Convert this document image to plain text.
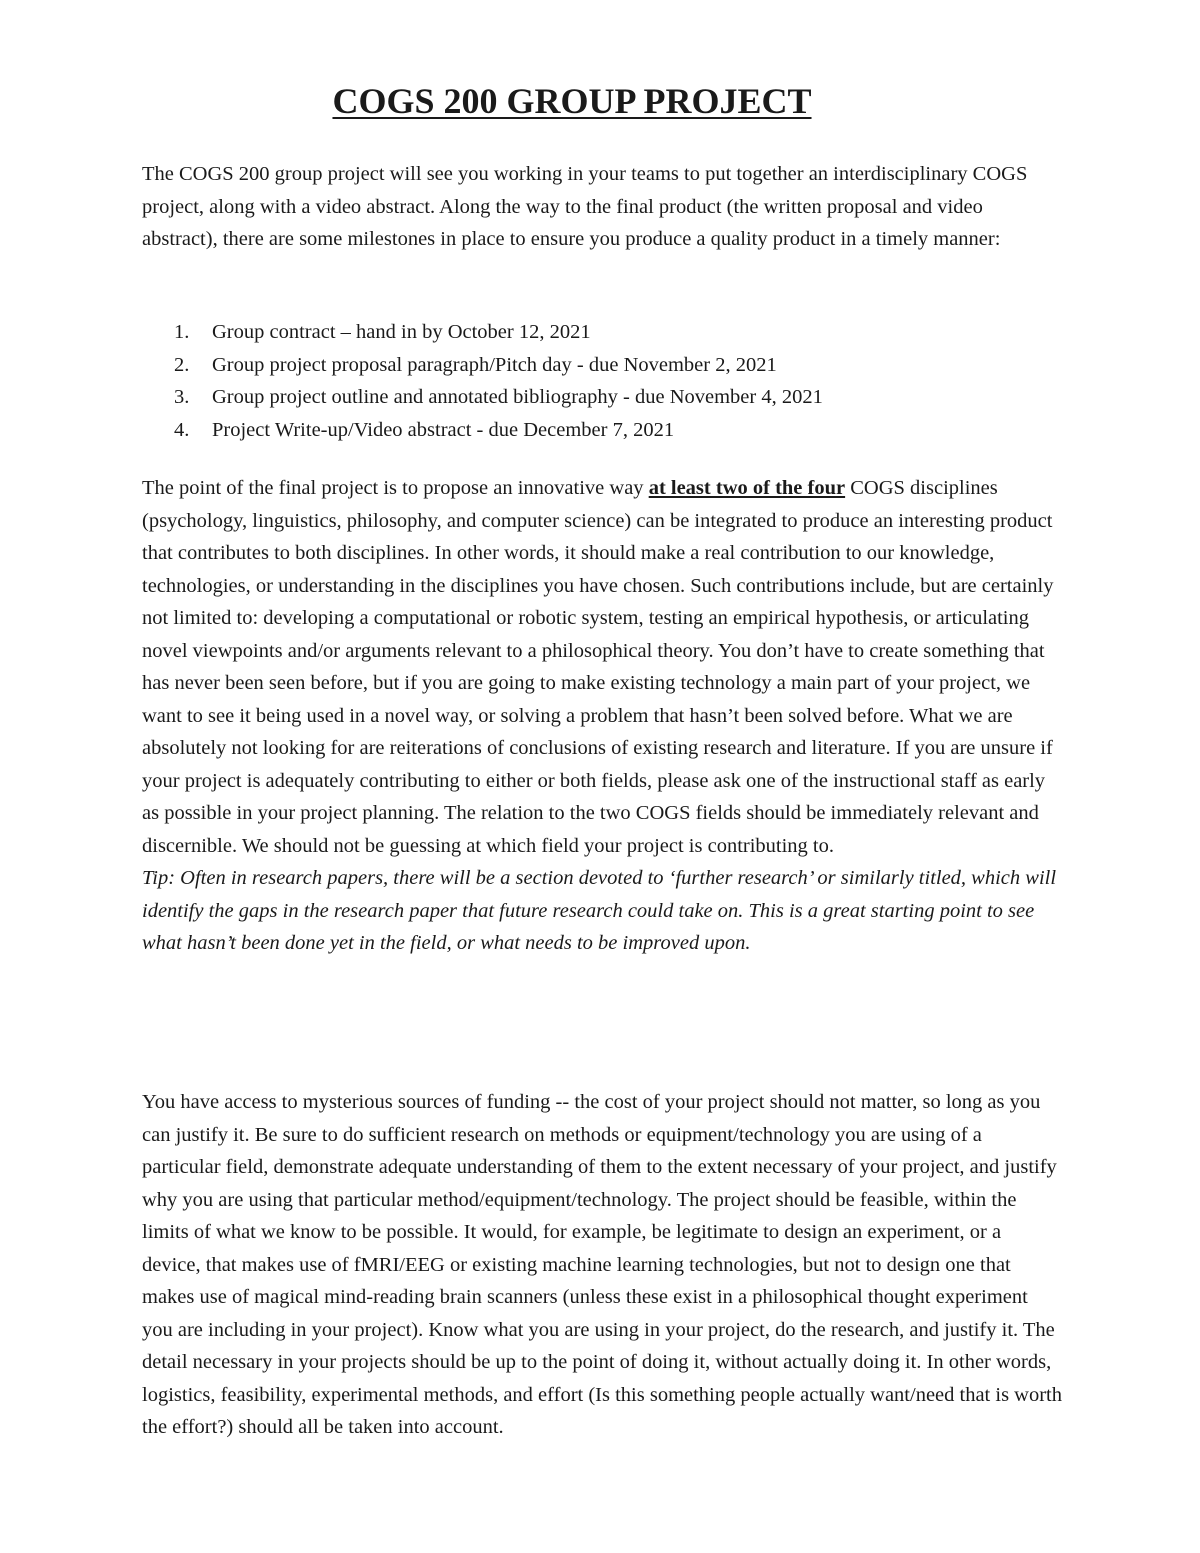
COGS 200 GROUP PROJECT

The COGS 200 group project will see you working in your teams to put together an interdisciplinary COGS project, along with a video abstract. Along the way to the final product (the written proposal and video abstract), there are some milestones in place to ensure you produce a quality product in a timely manner:

1. Group contract – hand in by October 12, 2021
2. Group project proposal paragraph/Pitch day - due November 2, 2021
3. Group project outline and annotated bibliography - due November 4, 2021
4. Project Write-up/Video abstract - due December 7, 2021

The point of the final project is to propose an innovative way at least two of the four COGS disciplines (psychology, linguistics, philosophy, and computer science) can be integrated to produce an interesting product that contributes to both disciplines. In other words, it should make a real contribution to our knowledge, technologies, or understanding in the disciplines you have chosen. Such contributions include, but are certainly not limited to: developing a computational or robotic system, testing an empirical hypothesis, or articulating novel viewpoints and/or arguments relevant to a philosophical theory. You don’t have to create something that has never been seen before, but if you are going to make existing technology a main part of your project, we want to see it being used in a novel way, or solving a problem that hasn’t been solved before. What we are absolutely not looking for are reiterations of conclusions of existing research and literature. If you are unsure if your project is adequately contributing to either or both fields, please ask one of the instructional staff as early as possible in your project planning. The relation to the two COGS fields should be immediately relevant and discernible. We should not be guessing at which field your project is contributing to.
Tip: Often in research papers, there will be a section devoted to ‘further research’ or similarly titled, which will identify the gaps in the research paper that future research could take on. This is a great starting point to see what hasn’t been done yet in the field, or what needs to be improved upon.

You have access to mysterious sources of funding -- the cost of your project should not matter, so long as you can justify it. Be sure to do sufficient research on methods or equipment/technology you are using of a particular field, demonstrate adequate understanding of them to the extent necessary of your project, and justify why you are using that particular method/equipment/technology. The project should be feasible, within the limits of what we know to be possible. It would, for example, be legitimate to design an experiment, or a device, that makes use of fMRI/EEG or existing machine learning technologies, but not to design one that makes use of magical mind-reading brain scanners (unless these exist in a philosophical thought experiment you are including in your project). Know what you are using in your project, do the research, and justify it. The detail necessary in your projects should be up to the point of doing it, without actually doing it. In other words, logistics, feasibility, experimental methods, and effort (Is this something people actually want/need that is worth the effort?) should all be taken into account.
